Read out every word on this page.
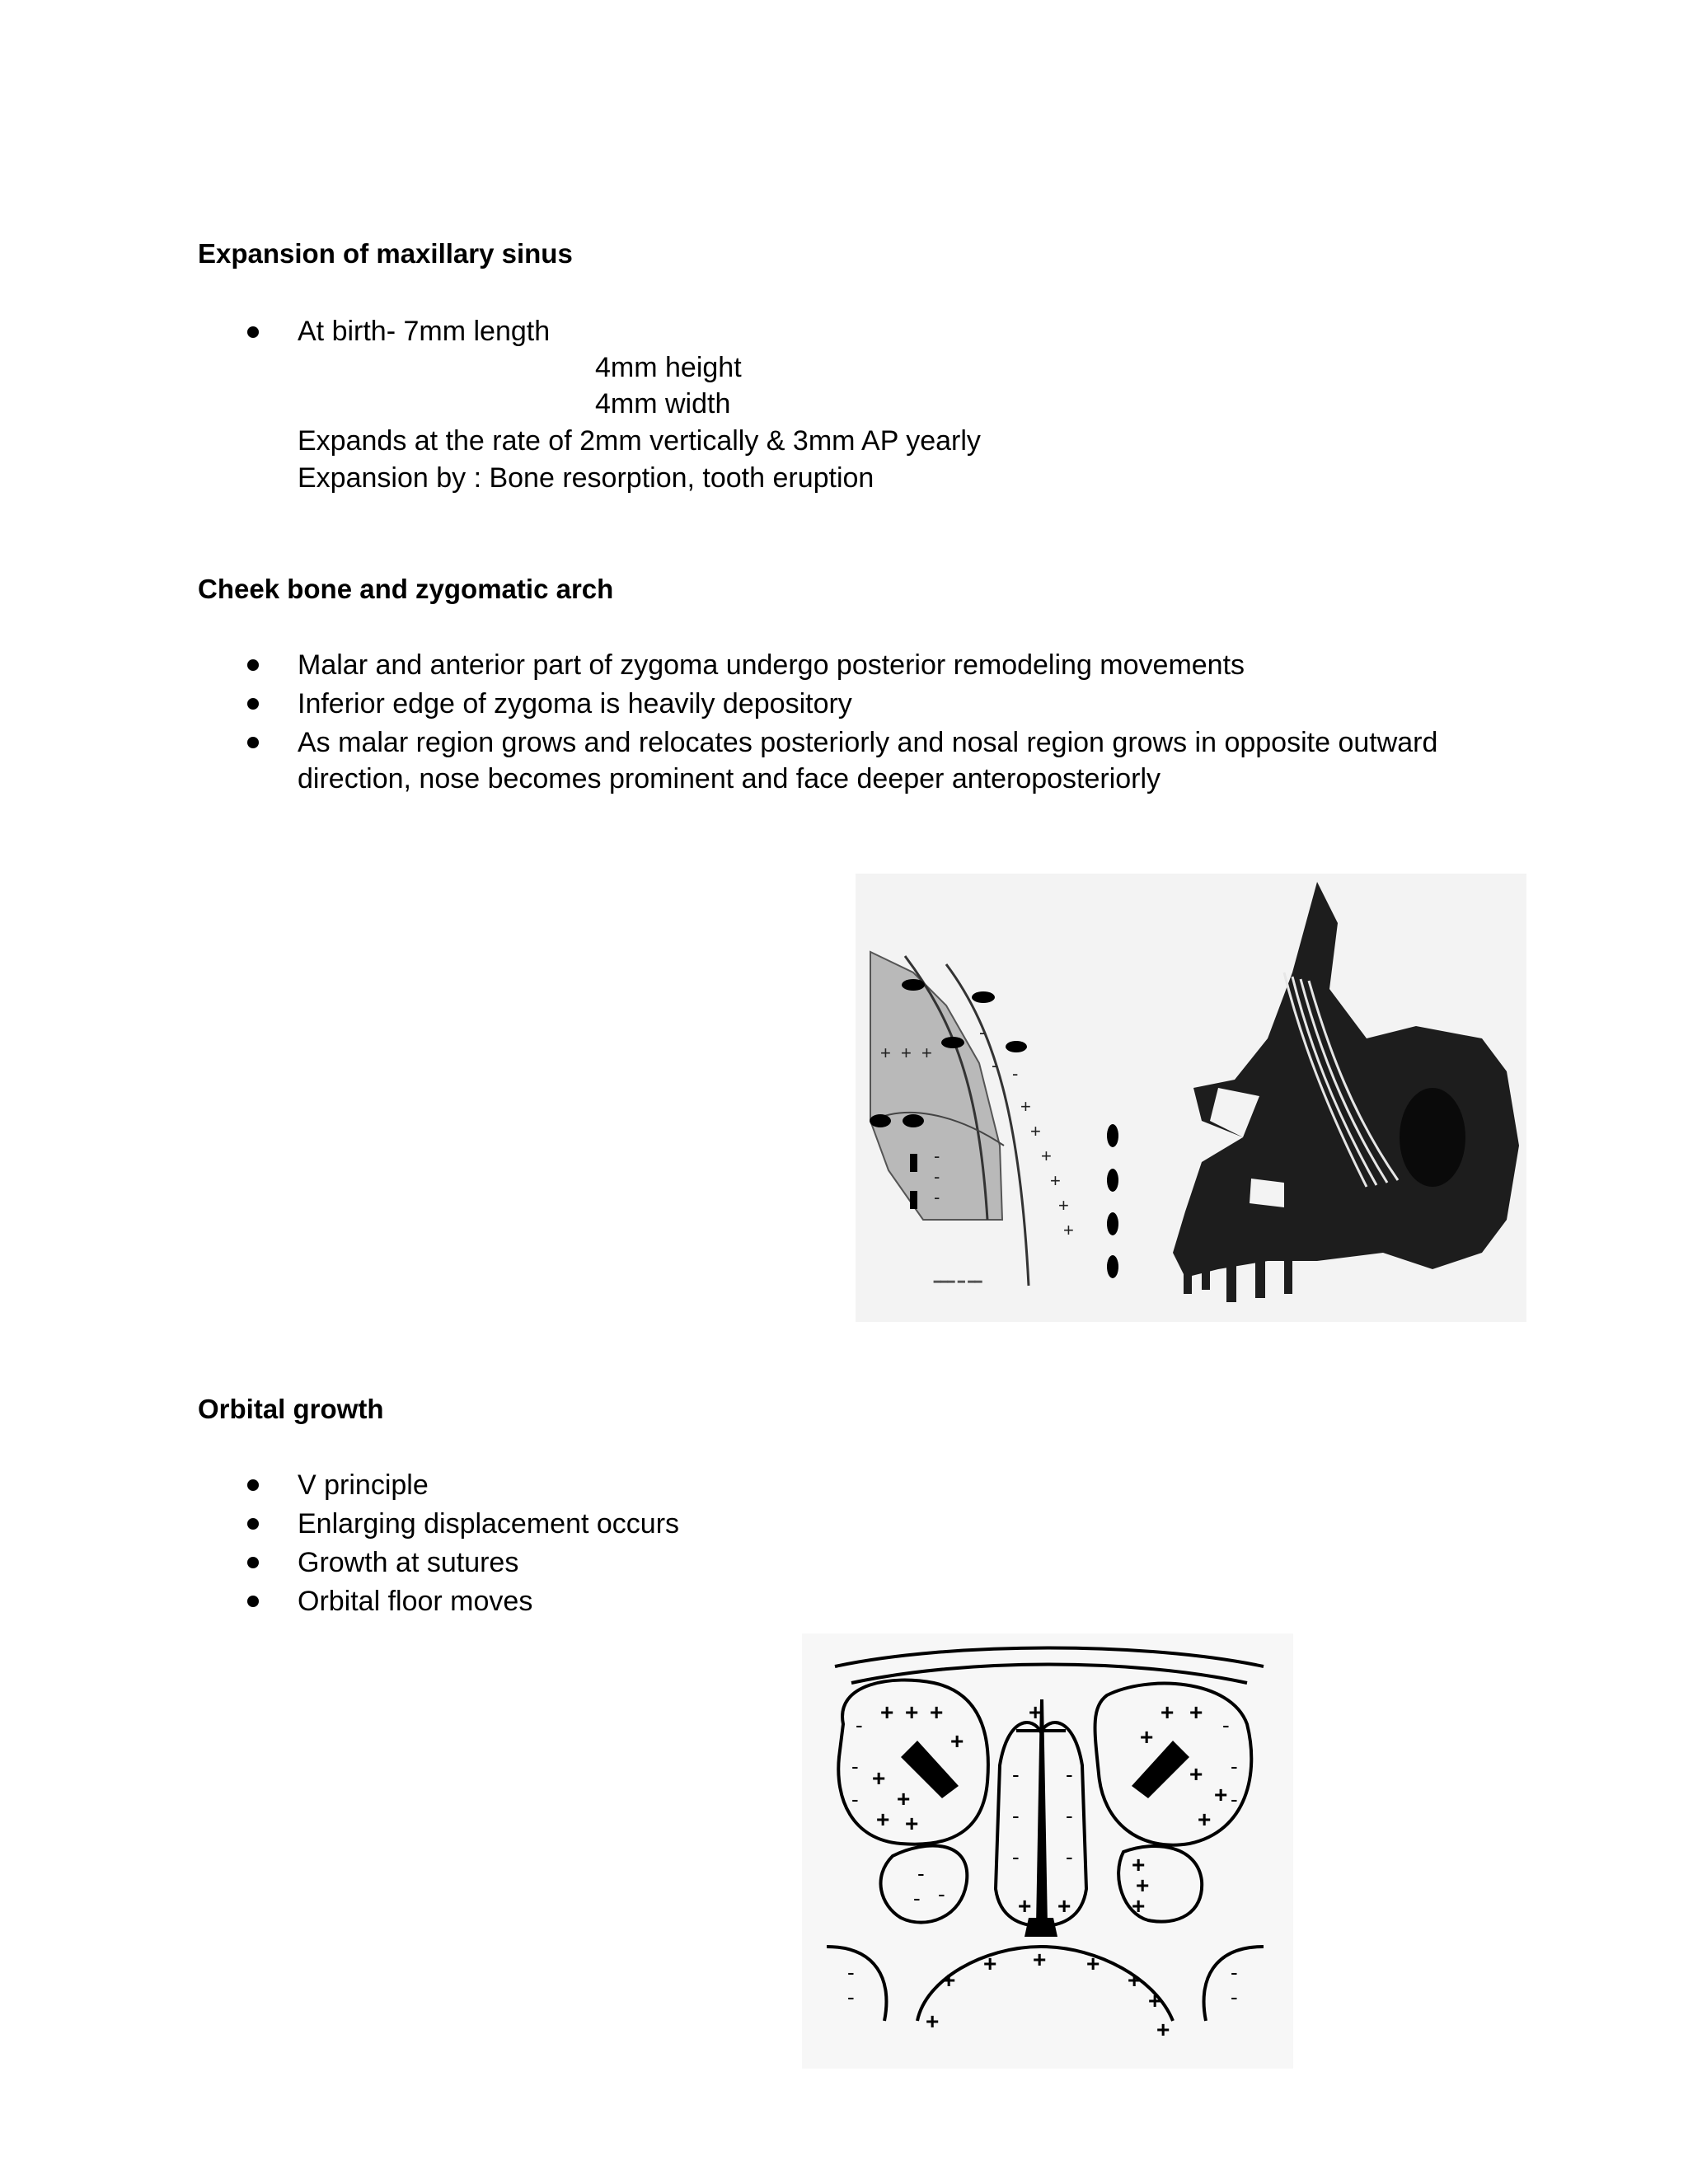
Expansion of maxillary sinus
At birth- 7mm length
4mm height
4mm width
Expands at the rate of 2mm vertically & 3mm AP yearly
Expansion by : Bone resorption, tooth eruption
Cheek bone and zygomatic arch
Malar and anterior part of zygoma undergo posterior remodeling movements
Inferior edge of zygoma is heavily depository
As malar region grows and relocates posteriorly and nosal region grows in opposite outward
direction, nose becomes prominent and face deeper anteroposteriorly
+
+
+
+
+
+
-
- -
+ + +
-
-
-
━━━ ━ ━━
Orbital growth
V principle
Enlarging displacement occurs
Growth at sutures
Orbital floor moves
+ + +
+
+
+ +
+
+ +
+
+
+
+
+
+ +
+
+
+
+
+ + +
+
+
+	+
-
-
-
-
-
-
-
-
-
-
-
-
-
-
-
-
-
-
-
